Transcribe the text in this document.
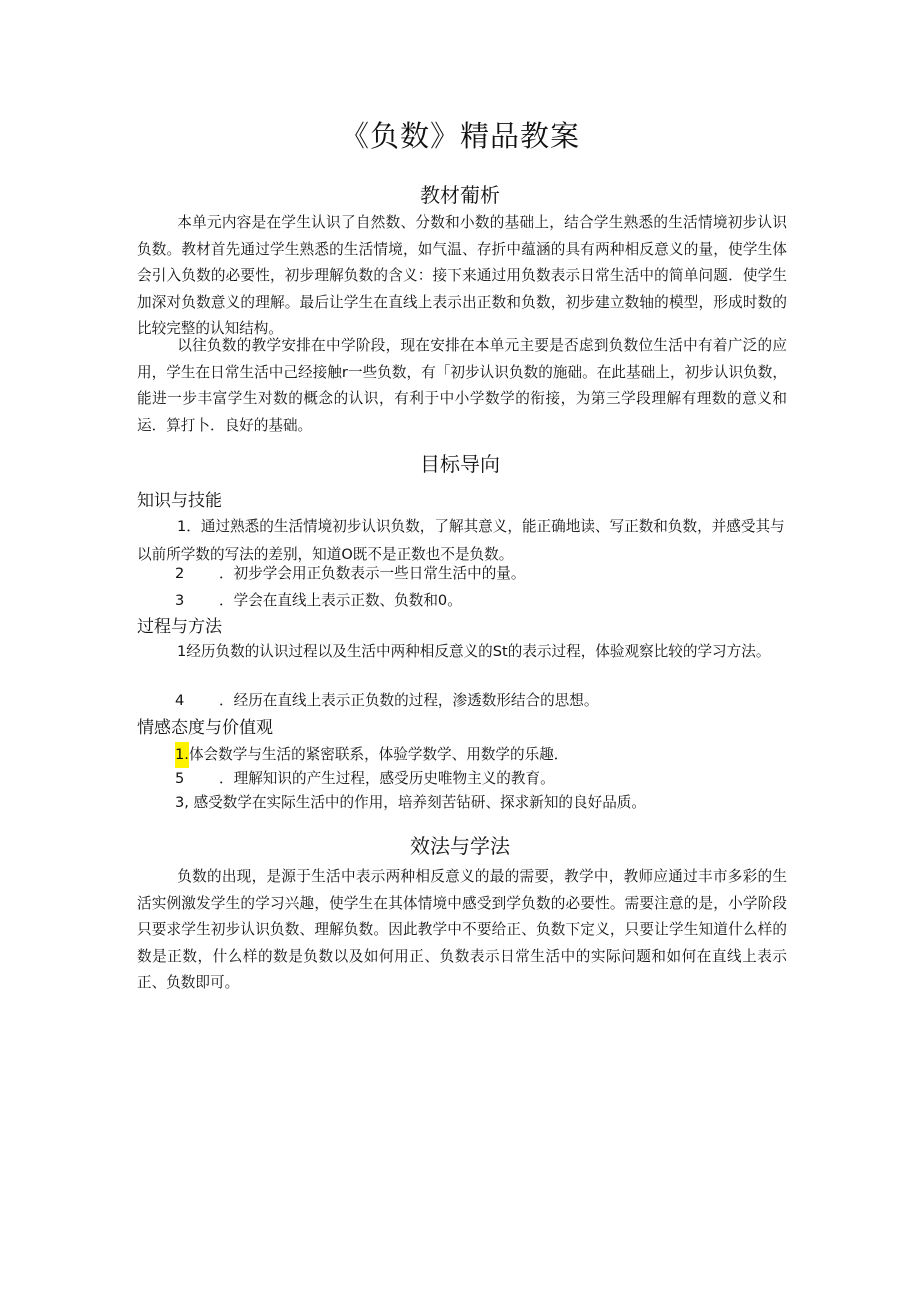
《负数》精品教案
教材葡析

本单元内容是在学生认识了自然数、分数和小数的基础上，结合学生熟悉的生活情境初步认识负数。教材首先通过学生熟悉的生活情境，如气温、存折中蕴涵的具有两种相反意义的量，使学生体会引入负数的必要性，初步理解负数的含义：接下来通过用负数表示日常生活中的简单问题．使学生加深对负数意义的理解。最后让学生在直线上表示出正数和负数，初步建立数轴的模型，形成时数的比较完整的认知结构。

以往负数的教学安排在中学阶段，现在安排在本单元主要是否虑到负数位生活中有着广泛的应用，学生在日常生活中己经接触r一些负数，有「初步认识负数的施础。在此基础上，初步认识负数，能进一步丰富学生对数的概念的认识，有利于中小学数学的衔接，为第三学段理解有理数的意义和运．算打卜．良好的基础。

目标导向
知识与技能

1．通过熟悉的生活情境初步认识负数，了解其意义，能正确地读、写正数和负数，并感受其与以前所学数的写法的差别，知道O既不是正数也不是负数。

2 ．初步学会用正负数表示一些日常生活中的量。
3 ．学会在直线上表示正数、负数和0。
过程与方法

1经历负数的认识过程以及生活中两种相反意义的St的表示过程，体验观察比较的学习方法。

4 ．经历在直线上表示正负数的过程，渗透数形结合的思想。
情感态度与价值观
1.体会数学与生活的紧密联系，体验学数学、用数学的乐趣．
5 ．理解知识的产生过程，感受历史唯物主义的教育。
3, 感受数学在实际生活中的作用，培养刻苦钻研、探求新知的良好品质。
效法与学法

负数的出现，是源于生活中表示两种相反意义的最的需要，教学中，教师应通过丰市多彩的生活实例激发学生的学习兴趣，使学生在其体情境中感受到学负数的必要性。需要注意的是，小学阶段只要求学生初步认识负数、理解负数。因此教学中不要给正、负数下定义，只要让学生知道什么样的数是正数，什么样的数是负数以及如何用正、负数表示日常生活中的实际问题和如何在直线上表示正、负数即可。
